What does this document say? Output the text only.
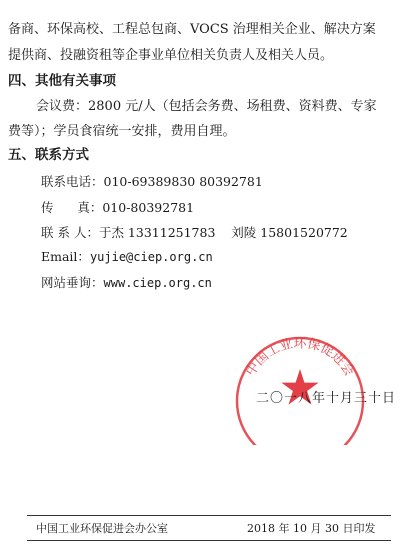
备商、环保高校、工程总包商、VOCS 治理相关企业、解决方案
提供商、投融资租等企事业单位相关负责人及相关人员。
四、其他有关事项
会议费：2800 元/人（包括会务费、场租费、资料费、专家
费等）；学员食宿统一安排，费用自理。
五、联系方式
联系电话：010-69389830 80392781
传      真：010-80392781
联 系 人：于杰 13311251783    刘陵 15801520772
Email：yujie@ciep.org.cn
网站垂询：www.ciep.org.cn
中国工业环保促进会
二〇一八年十月三十日
中国工业环保促进会办公室	2018 年 10 月 30 日印发
